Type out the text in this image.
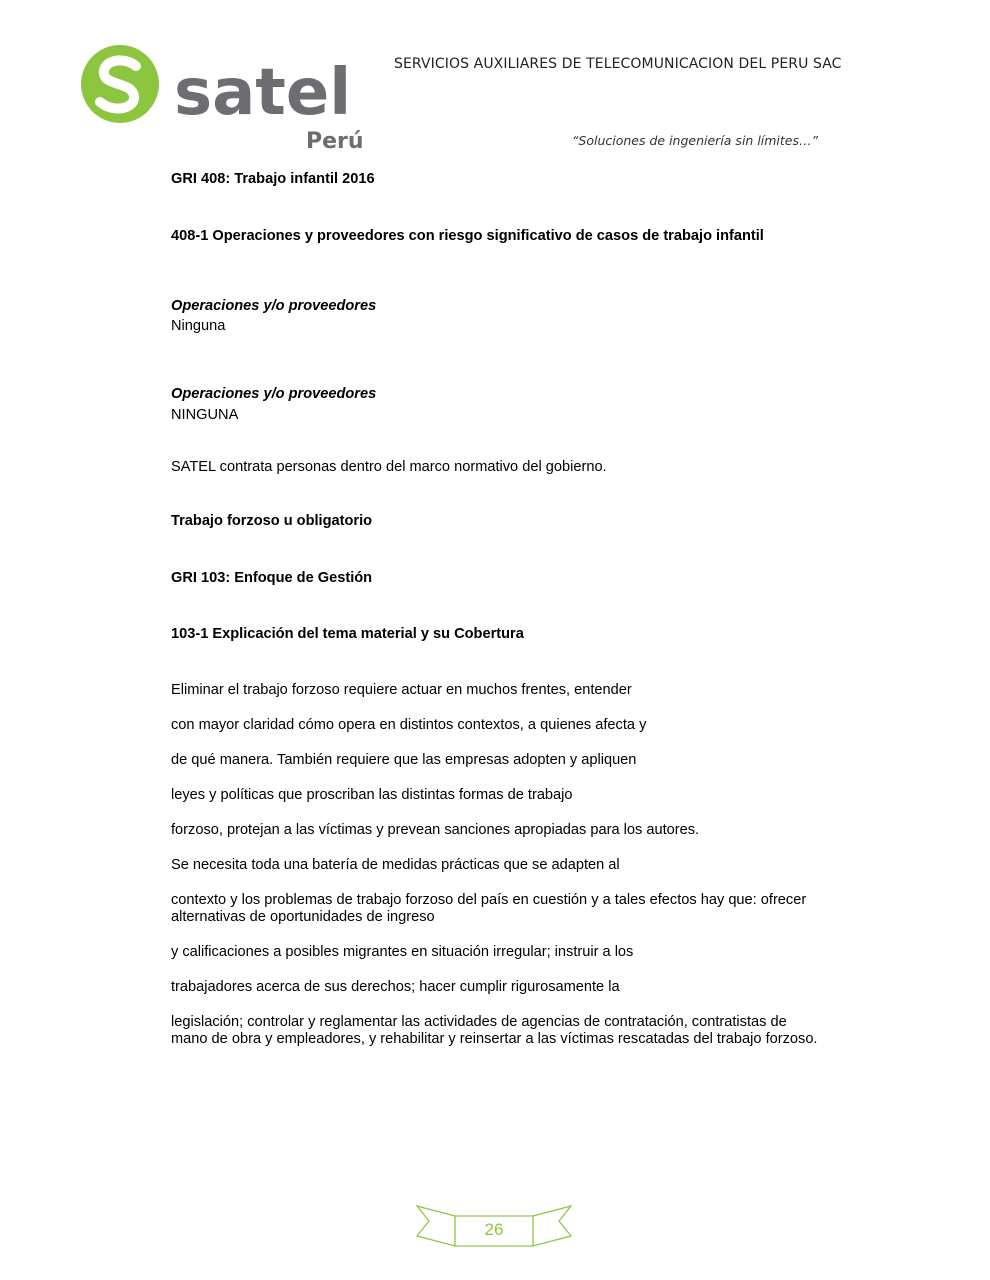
satel
Perú
SERVICIOS AUXILIARES DE TELECOMUNICACION DEL PERU SAC
“Soluciones de ingeniería sin límites…”
GRI 408: Trabajo infantil 2016
408-1 Operaciones y proveedores con riesgo significativo de casos de trabajo infantil
Operaciones y/o proveedores
Ninguna
Operaciones y/o proveedores
NINGUNA
SATEL contrata personas dentro del marco normativo del gobierno.
Trabajo forzoso u obligatorio
GRI 103: Enfoque de Gestión
103-1 Explicación del tema material y su Cobertura
Eliminar el trabajo forzoso requiere actuar en muchos frentes, entender
con mayor claridad cómo opera en distintos contextos, a quienes afecta y
de qué manera. También requiere que las empresas adopten y apliquen
leyes y políticas que proscriban las distintas formas de trabajo
forzoso, protejan a las víctimas y prevean sanciones apropiadas para los autores.
Se necesita toda una batería de medidas prácticas que se adapten al
contexto y los problemas de trabajo forzoso del país en cuestión y a tales efectos hay que: ofrecer alternativas de oportunidades de ingreso
y calificaciones a posibles migrantes en situación irregular; instruir a los
trabajadores acerca de sus derechos; hacer cumplir rigurosamente la
legislación; controlar y reglamentar las actividades de agencias de contratación, contratistas de mano de obra y empleadores, y rehabilitar y reinsertar a las víctimas rescatadas del trabajo forzoso.
26
